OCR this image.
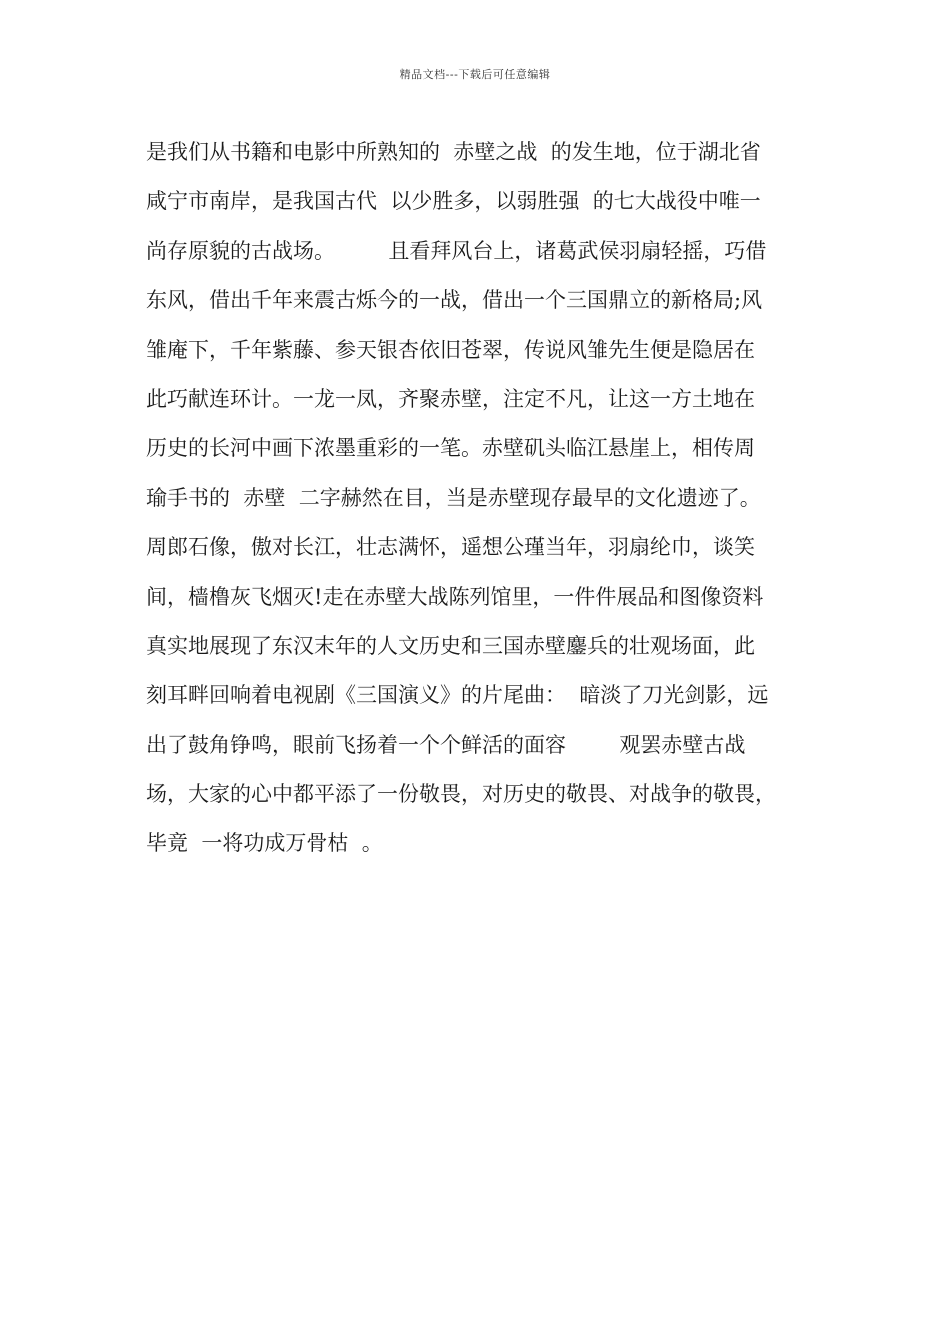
精品文档---下载后可任意编辑
是我们从书籍和电影中所熟知的  赤壁之战  的发生地，位于湖北省
咸宁市南岸，是我国古代  以少胜多，以弱胜强  的七大战役中唯一
尚存原貌的古战场。        且看拜风台上，诸葛武侯羽扇轻摇，巧借
东风，借出千年来震古烁今的一战，借出一个三国鼎立的新格局;风
雏庵下，千年紫藤、参天银杏依旧苍翠，传说风雏先生便是隐居在
此巧献连环计。一龙一凤，齐聚赤壁，注定不凡，让这一方土地在
历史的长河中画下浓墨重彩的一笔。赤壁矶头临江悬崖上，相传周
瑜手书的  赤壁  二字赫然在目，当是赤壁现存最早的文化遗迹了。
周郎石像，傲对长江，壮志满怀，遥想公瑾当年，羽扇纶巾，谈笑
间，樯橹灰飞烟灭!走在赤壁大战陈列馆里，一件件展品和图像资料
真实地展现了东汉末年的人文历史和三国赤壁鏖兵的壮观场面，此
刻耳畔回响着电视剧《三国演义》的片尾曲：  暗淡了刀光剑影，远
出了鼓角铮鸣，眼前飞扬着一个个鲜活的面容        观罢赤壁古战
场，大家的心中都平添了一份敬畏，对历史的敬畏、对战争的敬畏，
毕竟  一将功成万骨枯  。
